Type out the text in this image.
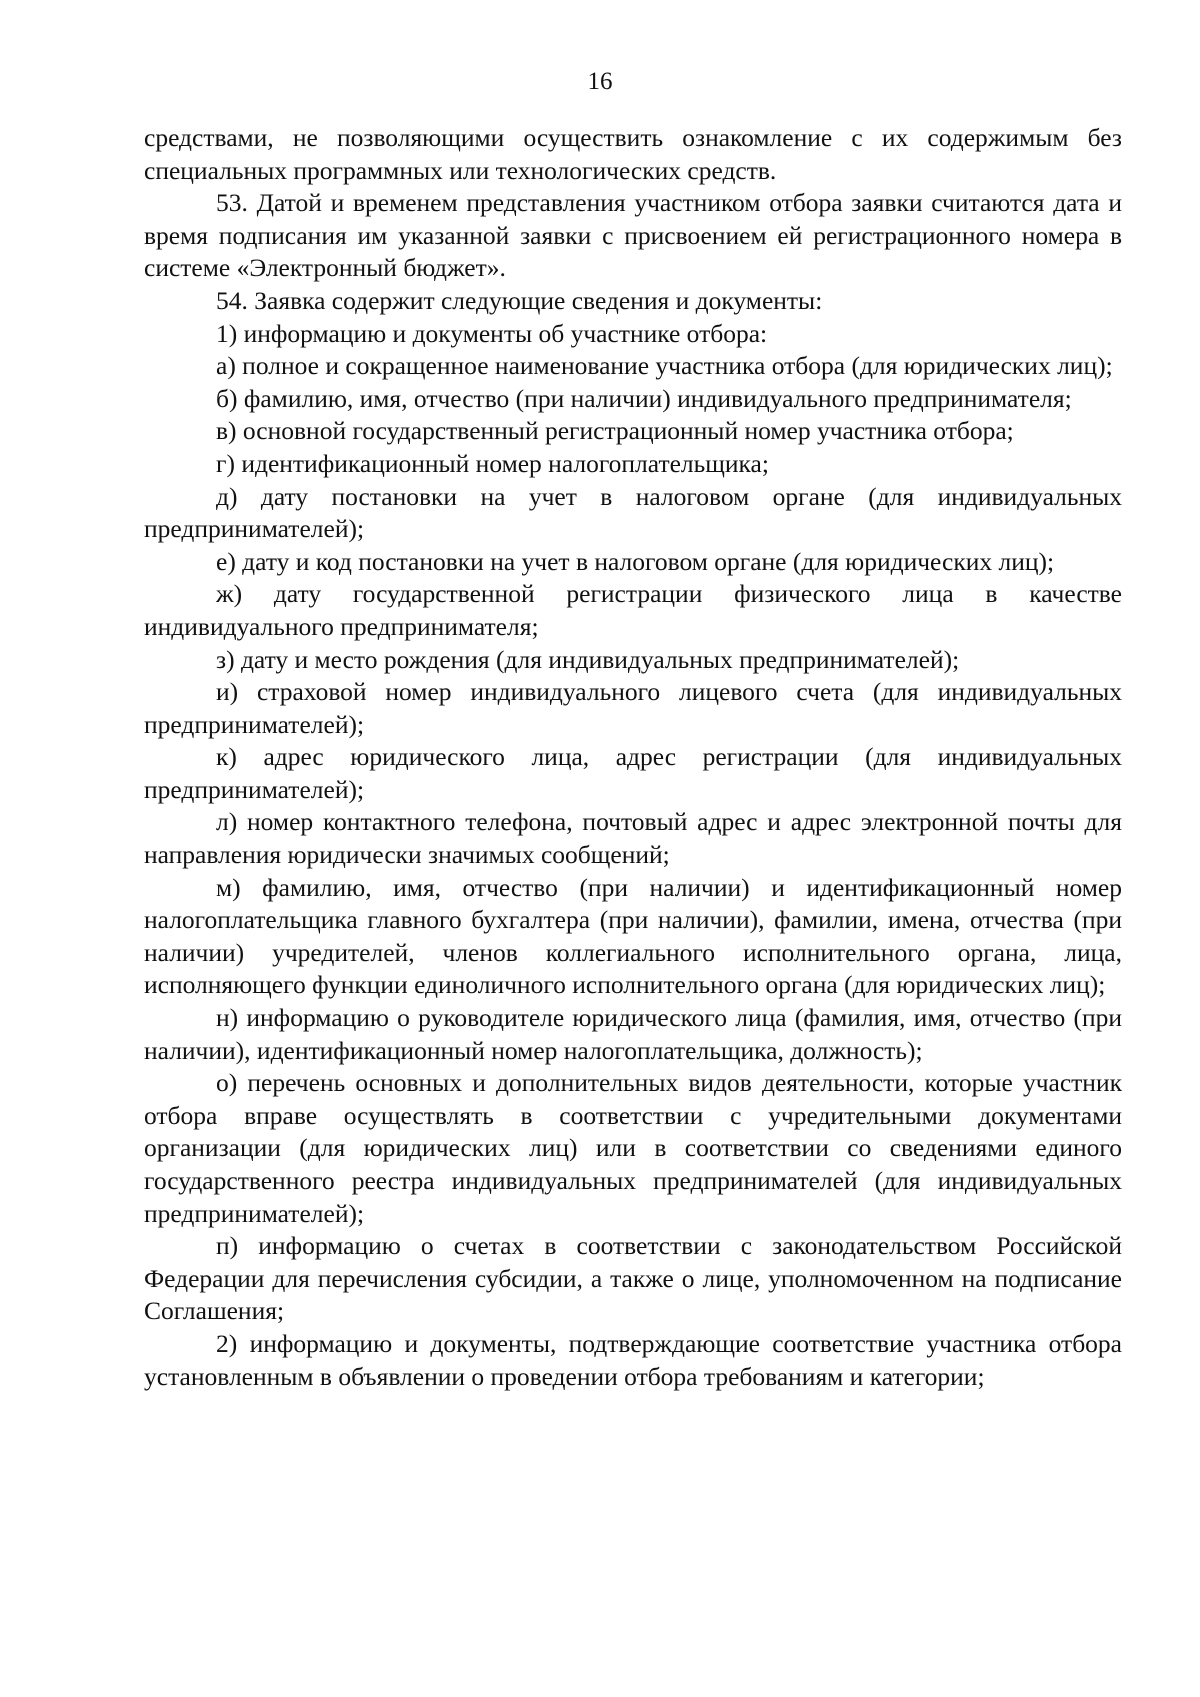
16

средствами, не позволяющими осуществить ознакомление с их содержимым без специальных программных или технологических средств.

53. Датой и временем представления участником отбора заявки считаются дата и время подписания им указанной заявки с присвоением ей регистрационного номера в системе «Электронный бюджет».

54. Заявка содержит следующие сведения и документы:

1) информацию и документы об участнике отбора:

а) полное и сокращенное наименование участника отбора (для юридических лиц);

б) фамилию, имя, отчество (при наличии) индивидуального предпринимателя;

в) основной государственный регистрационный номер участника отбора;

г) идентификационный номер налогоплательщика;

д) дату постановки на учет в налоговом органе (для индивидуальных предпринимателей);

е) дату и код постановки на учет в налоговом органе (для юридических лиц);

ж) дату государственной регистрации физического лица в качестве индивидуального предпринимателя;

з) дату и место рождения (для индивидуальных предпринимателей);

и) страховой номер индивидуального лицевого счета (для индивидуальных предпринимателей);

к) адрес юридического лица, адрес регистрации (для индивидуальных предпринимателей);

л) номер контактного телефона, почтовый адрес и адрес электронной почты для направления юридически значимых сообщений;

м) фамилию, имя, отчество (при наличии) и идентификационный номер налогоплательщика главного бухгалтера (при наличии), фамилии, имена, отчества (при наличии) учредителей, членов коллегиального исполнительного органа, лица, исполняющего функции единоличного исполнительного органа (для юридических лиц);

н) информацию о руководителе юридического лица (фамилия, имя, отчество (при наличии), идентификационный номер налогоплательщика, должность);

о) перечень основных и дополнительных видов деятельности, которые участник отбора вправе осуществлять в соответствии с учредительными документами организации (для юридических лиц) или в соответствии со сведениями единого государственного реестра индивидуальных предпринимателей (для индивидуальных предпринимателей);

п) информацию о счетах в соответствии с законодательством Российской Федерации для перечисления субсидии, а также о лице, уполномоченном на подписание Соглашения;

2) информацию и документы, подтверждающие соответствие участника отбора установленным в объявлении о проведении отбора требованиям и категории;
